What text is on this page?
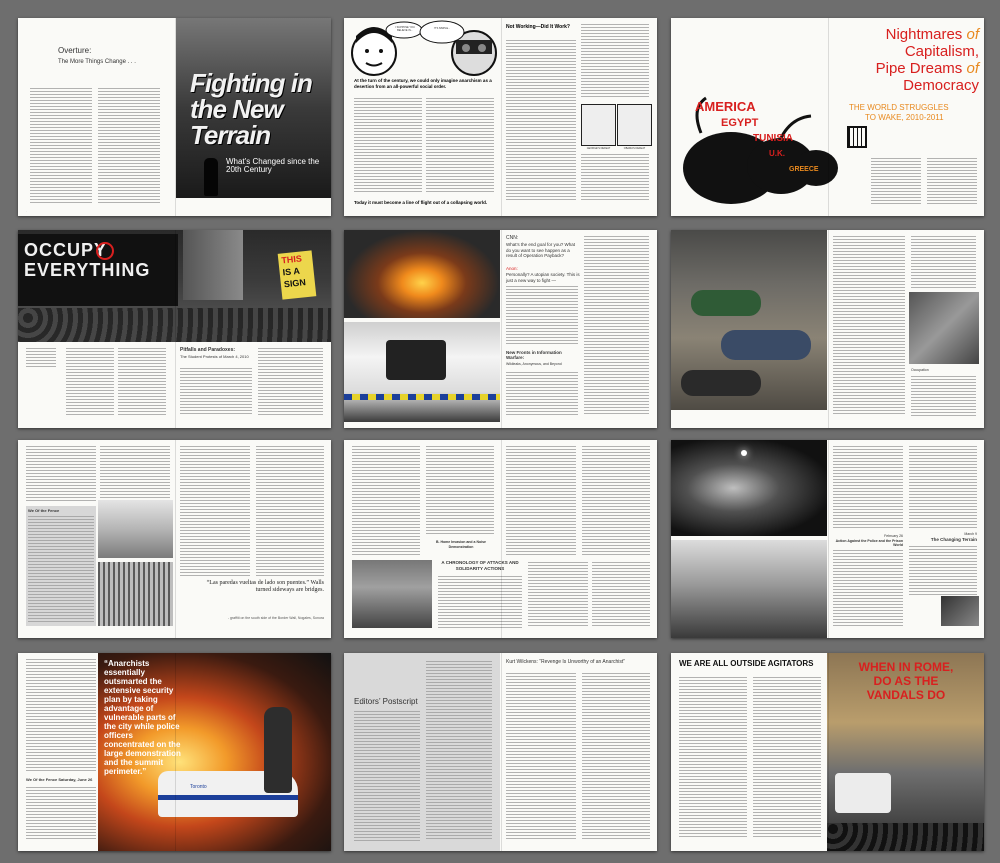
Overture:
The More Things Change . . .
Fighting in the New Terrain
What’s Changed since the 20th Century
·
I SUPPOSE YOU BELIEVE IN...
IT’S SIMPLE...
At the turn of the century, we could only imagine anarchism as a desertion from an all-powerful social order.
Today it must become a line of flight out of a collapsing world.
Not Working—Did It Work?
GEORGE’S DEFEAT	OBAMA’S DEFEAT
AMERICA
EGYPT
TUNISIA
U.K.
GREECE
Nightmares of
Capitalism,
Pipe Dreams of
Democracy
THE WORLD STRUGGLES
TO WAKE, 2010-2011
OCCUPY EVERYTHING
THIS
IS A
SIGN
Pitfalls and Paradoxes:
The Student Protests of March 4, 2010
CNN:
What’s the end goal for you? What do you want to see happen as a result of Operation Payback?
Anon:
Personally? A utopian society. This is just a new way to fight —
New Fronts in Information Warfare:
Wikileaks, Anonymous, and Beyond
Occupation
We Of the Fence
“Las paredas vueltas de lado son puentes.” Walls turned sideways are bridges.
- graffiti on the south side of the Border Wall, Nogales, Sonora
B. Home Invasion and a Noise Demonstration
A CHRONOLOGY OF ATTACKS AND SOLIDARITY ACTIONS
March 9
The Changing Terrain
February 26
Action Against the Police and the Prison World
We Of the Fence Saturday, June 26
Toronto
“Anarchists essentially outsmarted the extensive security plan by taking advantage of vulnerable parts of the city while police officers concentrated on the large demonstration and the summit perimeter.”
Editors’ Postscript
Kurt Wilckens: “Revenge Is Unworthy of an Anarchist”	WE ARE ALL OUTSIDE AGITATORS	WHEN IN ROME,
DO AS THE
VANDALS DO
